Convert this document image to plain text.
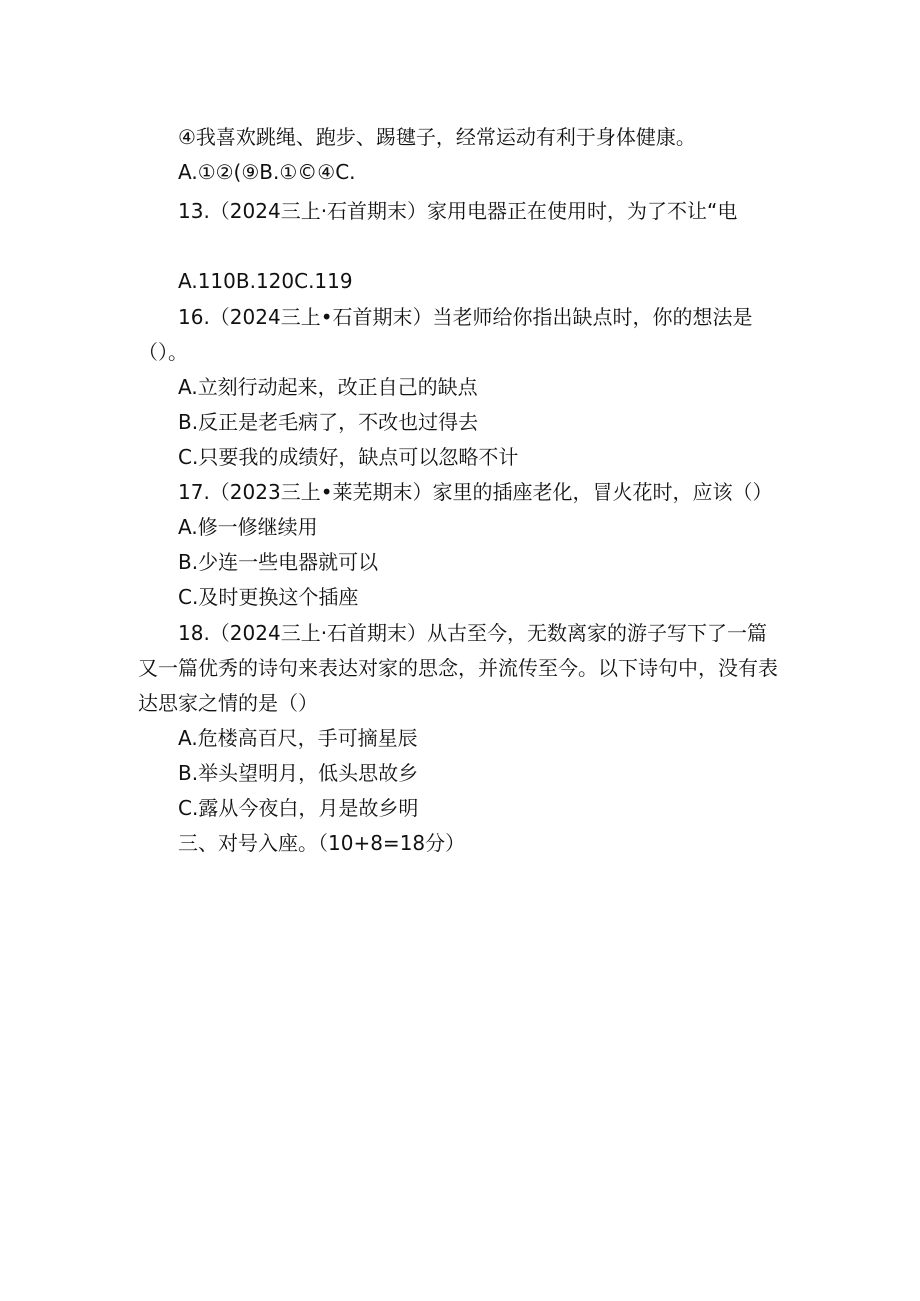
④我喜欢跳绳、跑步、踢毽子，经常运动有利于身体健康。
A.①②(⑨B.①©④C.
13.（2024三上·石首期末）家用电器正在使用时，为了不让“电
A.110B.120C.119
16.（2024三上•石首期末）当老师给你指出缺点时，你的想法是
（）。
A.立刻行动起来，改正自己的缺点
B.反正是老毛病了，不改也过得去
C.只要我的成绩好，缺点可以忽略不计
17.（2023三上•莱芜期末）家里的插座老化，冒火花时，应该（）
A.修一修继续用
B.少连一些电器就可以
C.及时更换这个插座
18.（2024三上·石首期末）从古至今，无数离家的游子写下了一篇
又一篇优秀的诗句来表达对家的思念，并流传至今。以下诗句中，没有表
达思家之情的是（）
A.危楼高百尺，手可摘星辰
B.举头望明月，低头思故乡
C.露从今夜白，月是故乡明
三、对号入座。（10+8=18分）
